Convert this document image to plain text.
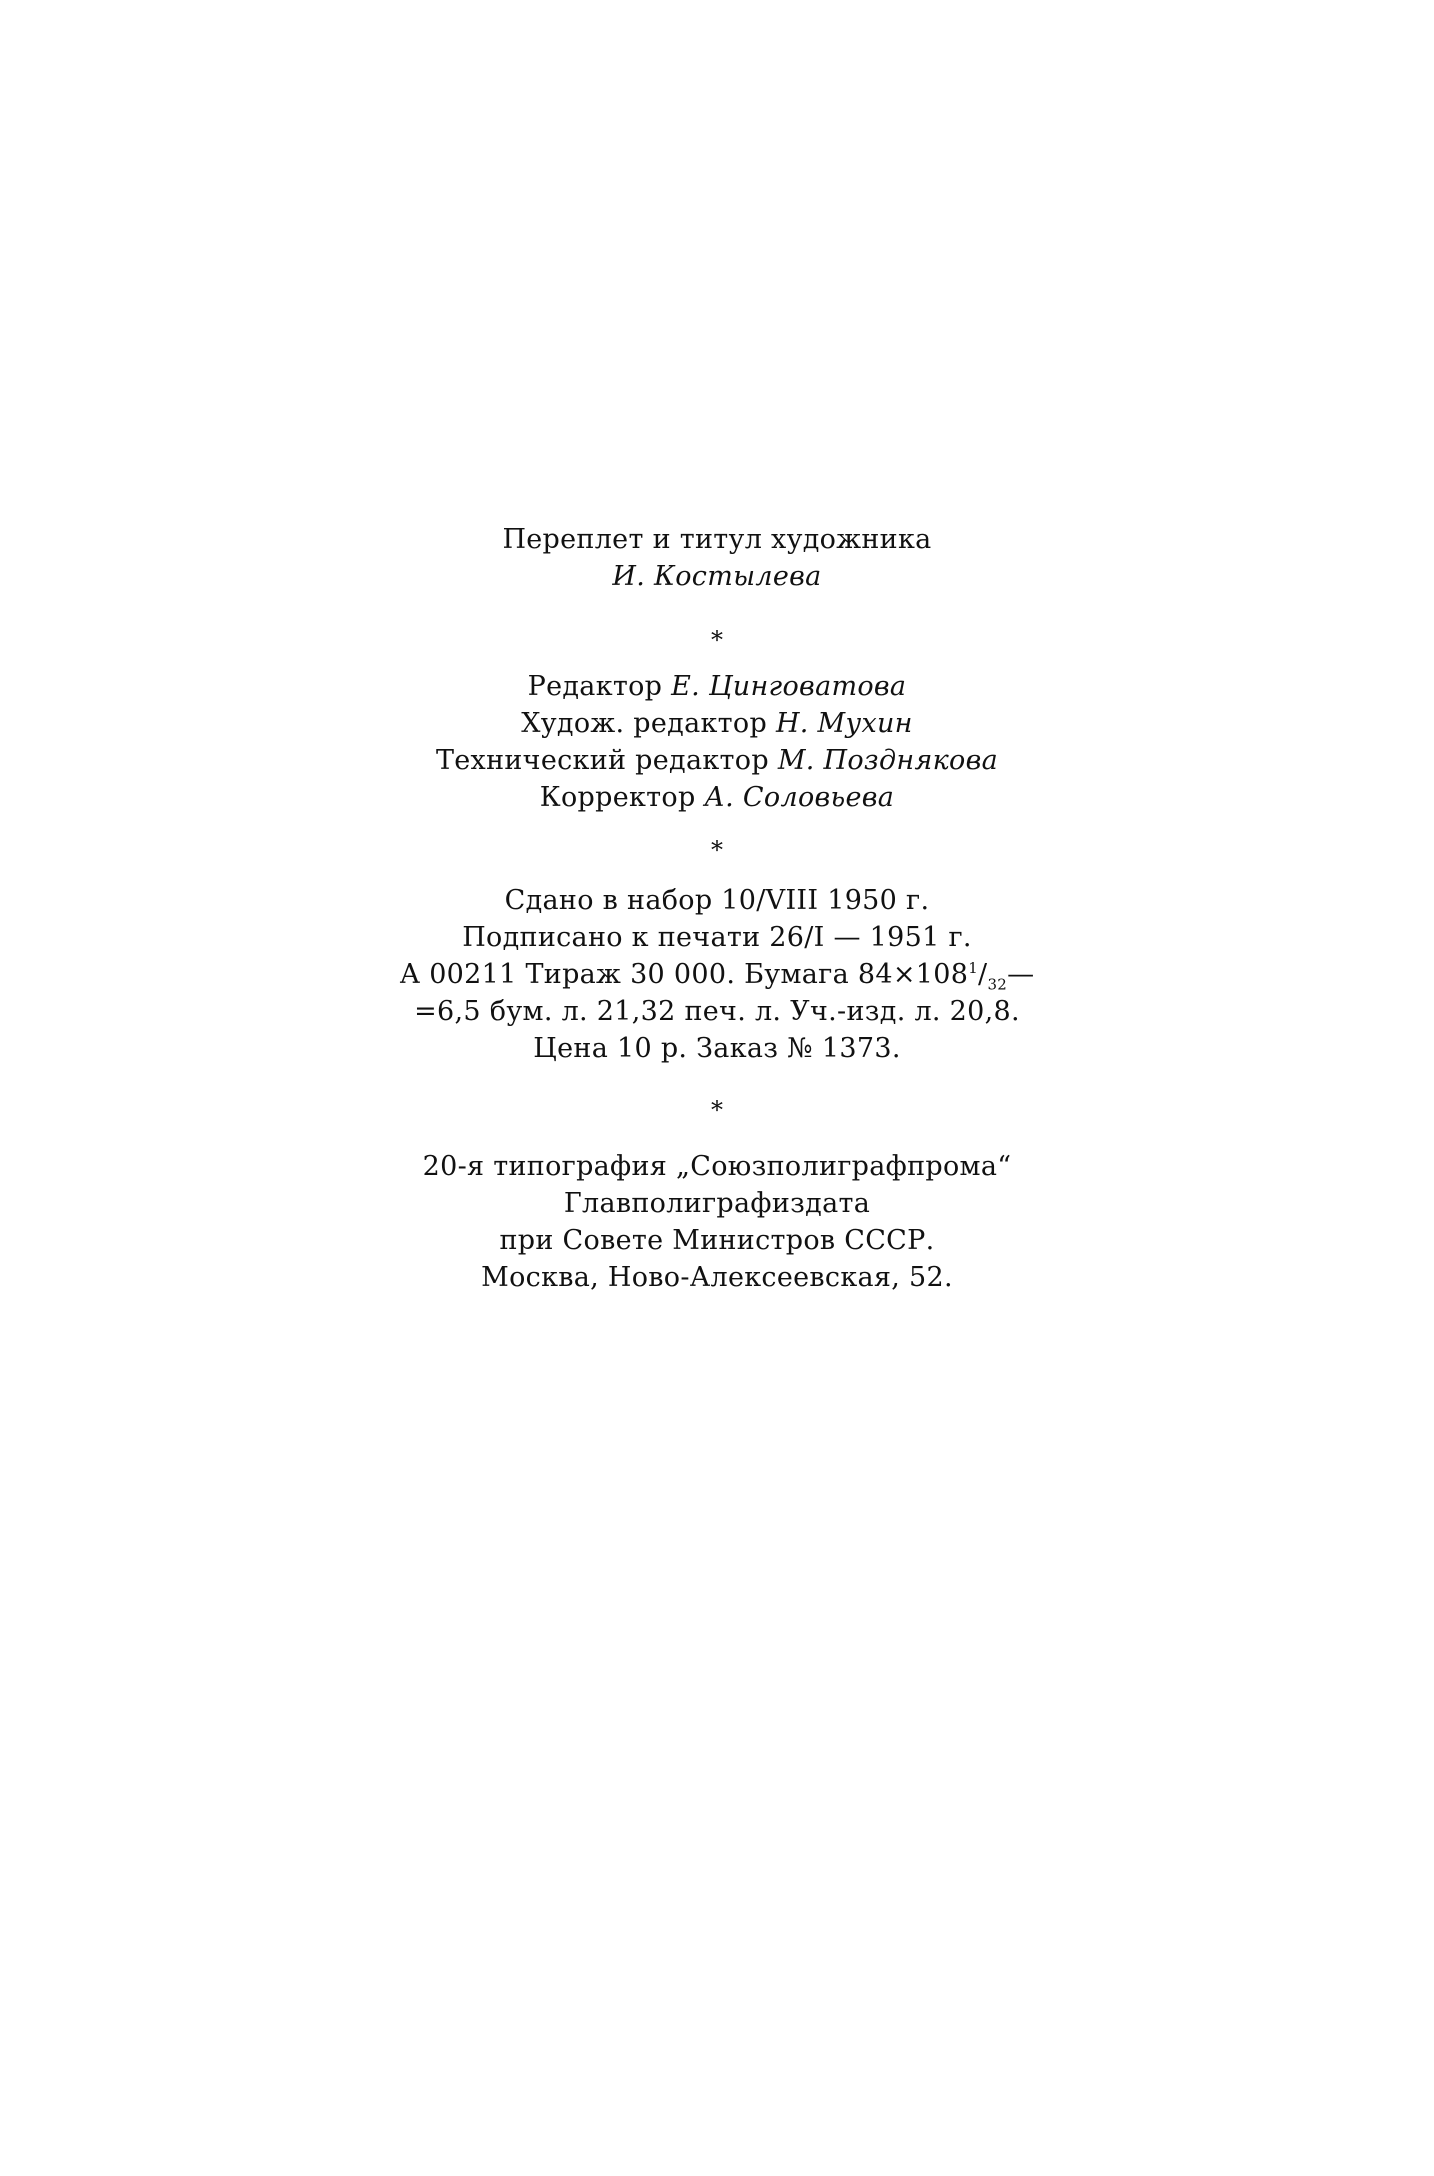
Переплет и титул художника
И. Костылева
*
Редактор Е. Цинговатова
Худож. редактор Н. Мухин
Технический редактор М. Позднякова
Корректор А. Соловьева
*
Сдано в набор 10/VIII 1950 г.
Подписано к печати 26/I — 1951 г.
А 00211 Тираж 30 000. Бумага $84\times 108^1/_{32}—$
=6,5 бум. л. 21,32 печ. л. Уч.-изд. л. 20,8.
Цена 10 р. Заказ № 1373.
*
20-я типография „Союзполиграфпрома“
Главполиграфиздата
при Совете Министров СССР.
Москва, Ново-Алексеевская, 52.
